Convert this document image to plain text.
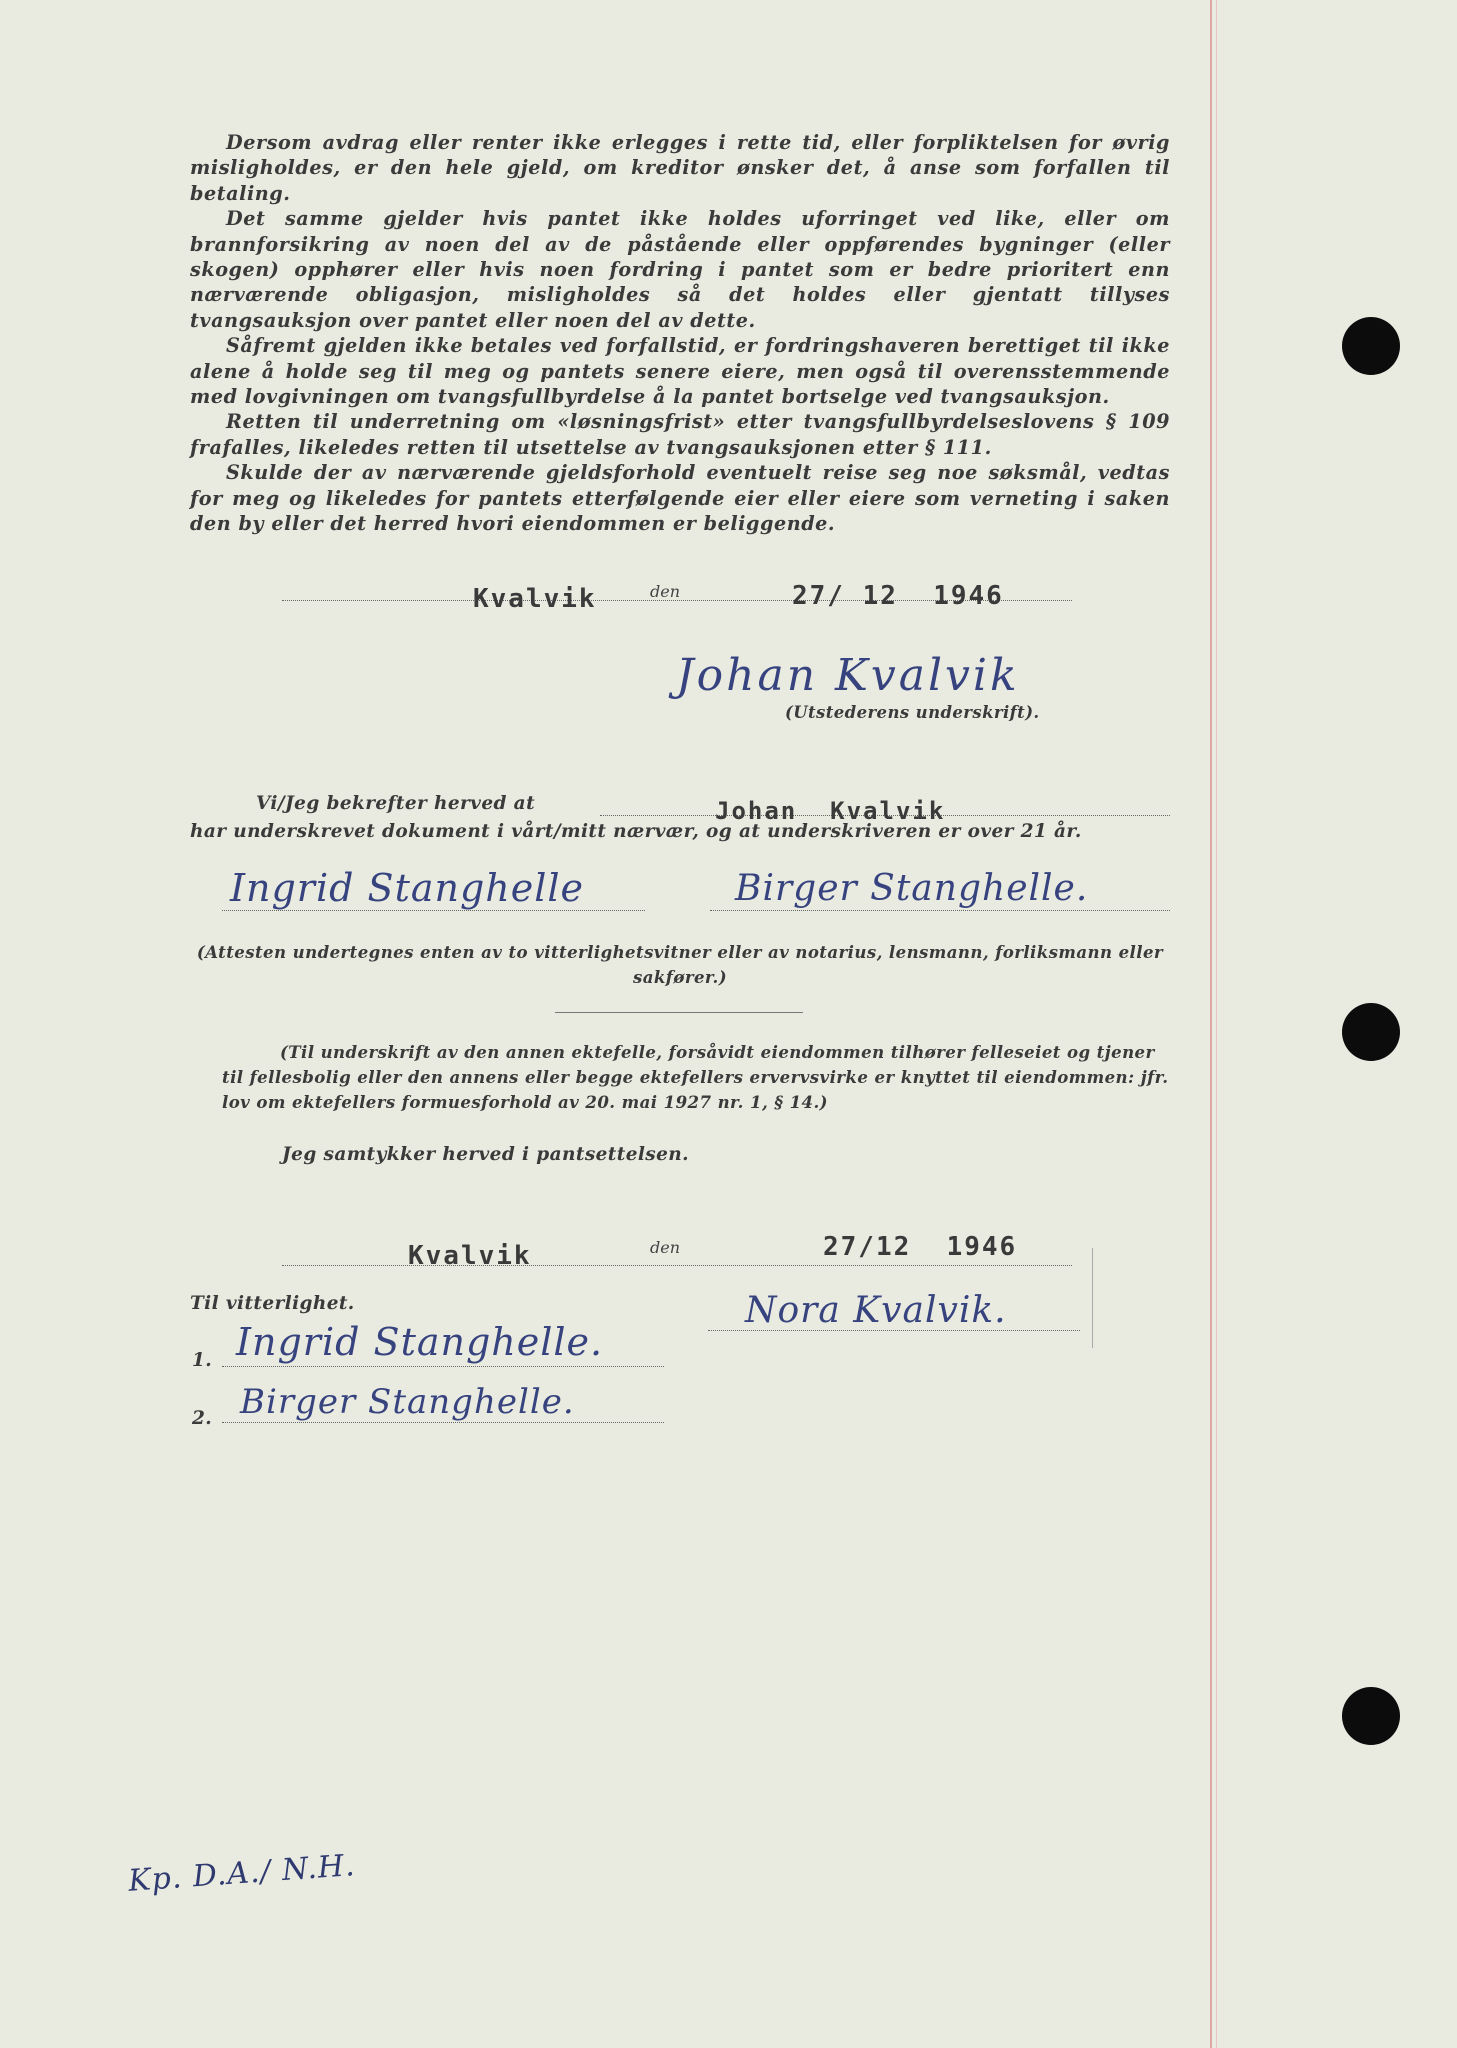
Dersom avdrag eller renter ikke erlegges i rette tid, eller forpliktelsen for øvrig misligholdes, er den hele gjeld, om kreditor ønsker det, å anse som forfallen til betaling.

Det samme gjelder hvis pantet ikke holdes uforringet ved like, eller om brannforsikring av noen del av de påstående eller oppførendes bygninger (eller skogen) opphører eller hvis noen fordring i pantet som er bedre prioritert enn nærværende obligasjon, misligholdes så det holdes eller gjentatt tillyses tvangsauksjon over pantet eller noen del av dette.

Såfremt gjelden ikke betales ved forfallstid, er fordringshaveren berettiget til ikke alene å holde seg til meg og pantets senere eiere, men også til overensstemmende med lovgivningen om tvangsfullbyrdelse å la pantet bortselge ved tvangsauksjon.

Retten til underretning om «løsningsfrist» etter tvangsfullbyrdelseslovens § 109 frafalles, likeledes retten til utsettelse av tvangsauksjonen etter § 111.

Skulde der av nærværende gjeldsforhold eventuelt reise seg noe søksmål, vedtas for meg og likeledes for pantets etterfølgende eier eller eiere som verneting i saken den by eller det herred hvori eiendommen er beliggende.

Kvalvik	den	27/ 12  1946
Johan Kvalvik
(Utstederens underskrift).
Vi/Jeg bekrefter herved at	Johan  Kvalvik
har underskrevet dokument i vårt/mitt nærvær, og at underskriveren er over 21 år.
Ingrid Stanghelle	Birger Stanghelle.
(Attesten undertegnes enten av to vitterlighetsvitner eller av notarius, lensmann, forliksmann eller sakfører.)
(Til underskrift av den annen ektefelle, forsåvidt eiendommen tilhører felleseiet og tjener til fellesbolig eller den annens eller begge ektefellers ervervsvirke er knyttet til eiendommen: jfr. lov om ektefellers formuesforhold av 20. mai 1927 nr. 1, § 14.)
Jeg samtykker herved i pantsettelsen.
Kvalvik	den	27/12  1946
Til vitterlighet.	Nora Kvalvik.
1. Ingrid Stanghelle.
2. Birger Stanghelle.
Kp. D.A./ N.H.
